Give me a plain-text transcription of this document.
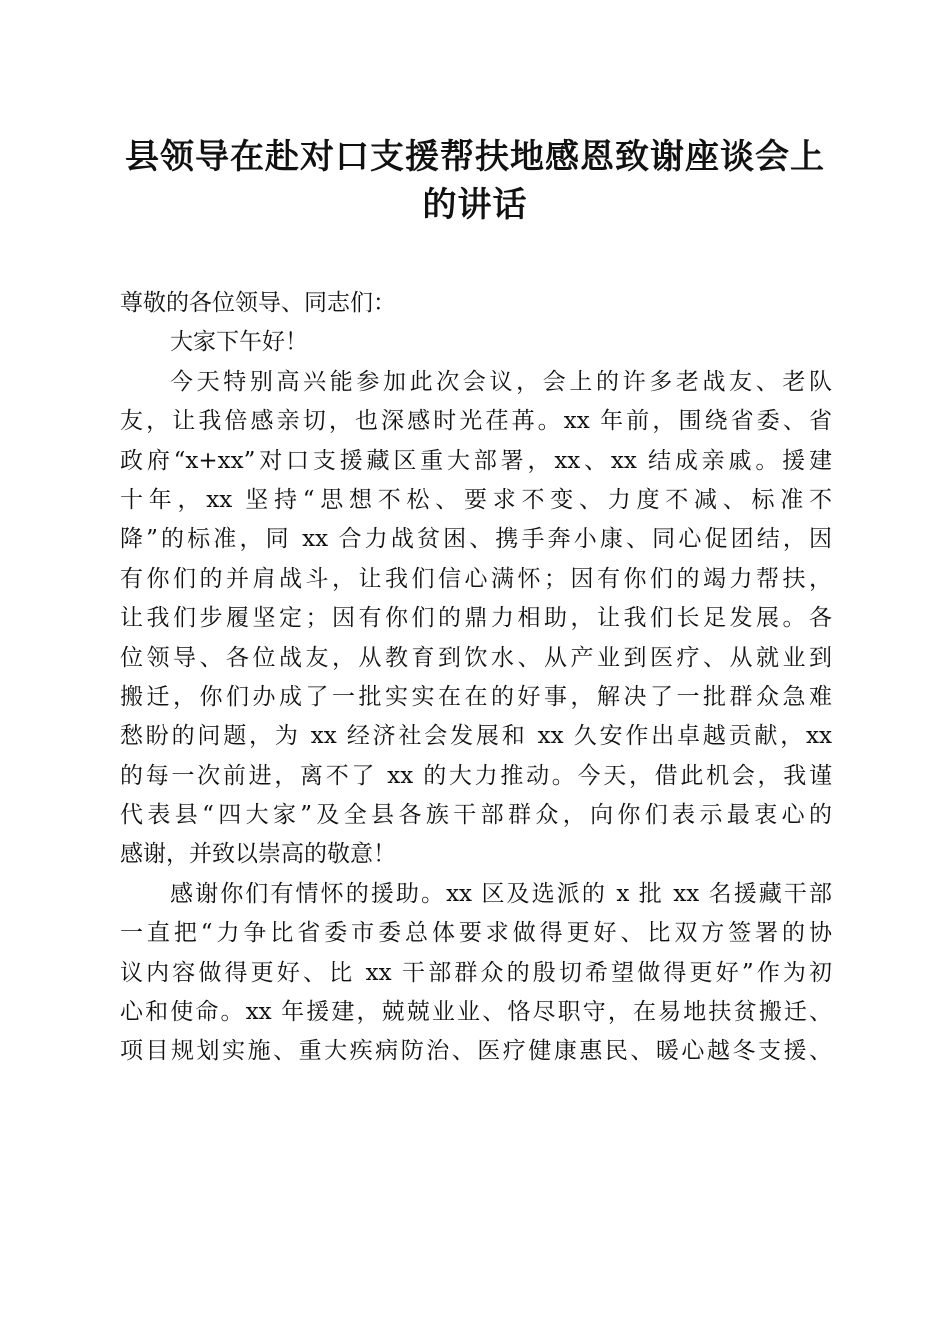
县领导在赴对口支援帮扶地感恩致谢座谈会上
的讲话
尊敬的各位领导、同志们：
大家下午好！
今天特别高兴能参加此次会议，会上的许多老战友、老队
友，让我倍感亲切，也深感时光荏苒。xx 年前，围绕省委、省
政府“x+xx”对口支援藏区重大部署，xx、xx 结成亲戚。援建
十年，xx 坚持“思想不松、要求不变、力度不减、标准不
降”的标准，同 xx 合力战贫困、携手奔小康、同心促团结，因
有你们的并肩战斗，让我们信心满怀；因有你们的竭力帮扶，
让我们步履坚定；因有你们的鼎力相助，让我们长足发展。各
位领导、各位战友，从教育到饮水、从产业到医疗、从就业到
搬迁，你们办成了一批实实在在的好事，解决了一批群众急难
愁盼的问题，为 xx 经济社会发展和 xx 久安作出卓越贡献，xx
的每一次前进，离不了 xx 的大力推动。今天，借此机会，我谨
代表县“四大家”及全县各族干部群众，向你们表示最衷心的
感谢，并致以崇高的敬意！
感谢你们有情怀的援助。xx 区及选派的 x 批 xx 名援藏干部
一直把“力争比省委市委总体要求做得更好、比双方签署的协
议内容做得更好、比 xx 干部群众的殷切希望做得更好”作为初
心和使命。xx 年援建，兢兢业业、恪尽职守，在易地扶贫搬迁、
项目规划实施、重大疾病防治、医疗健康惠民、暖心越冬支援、
